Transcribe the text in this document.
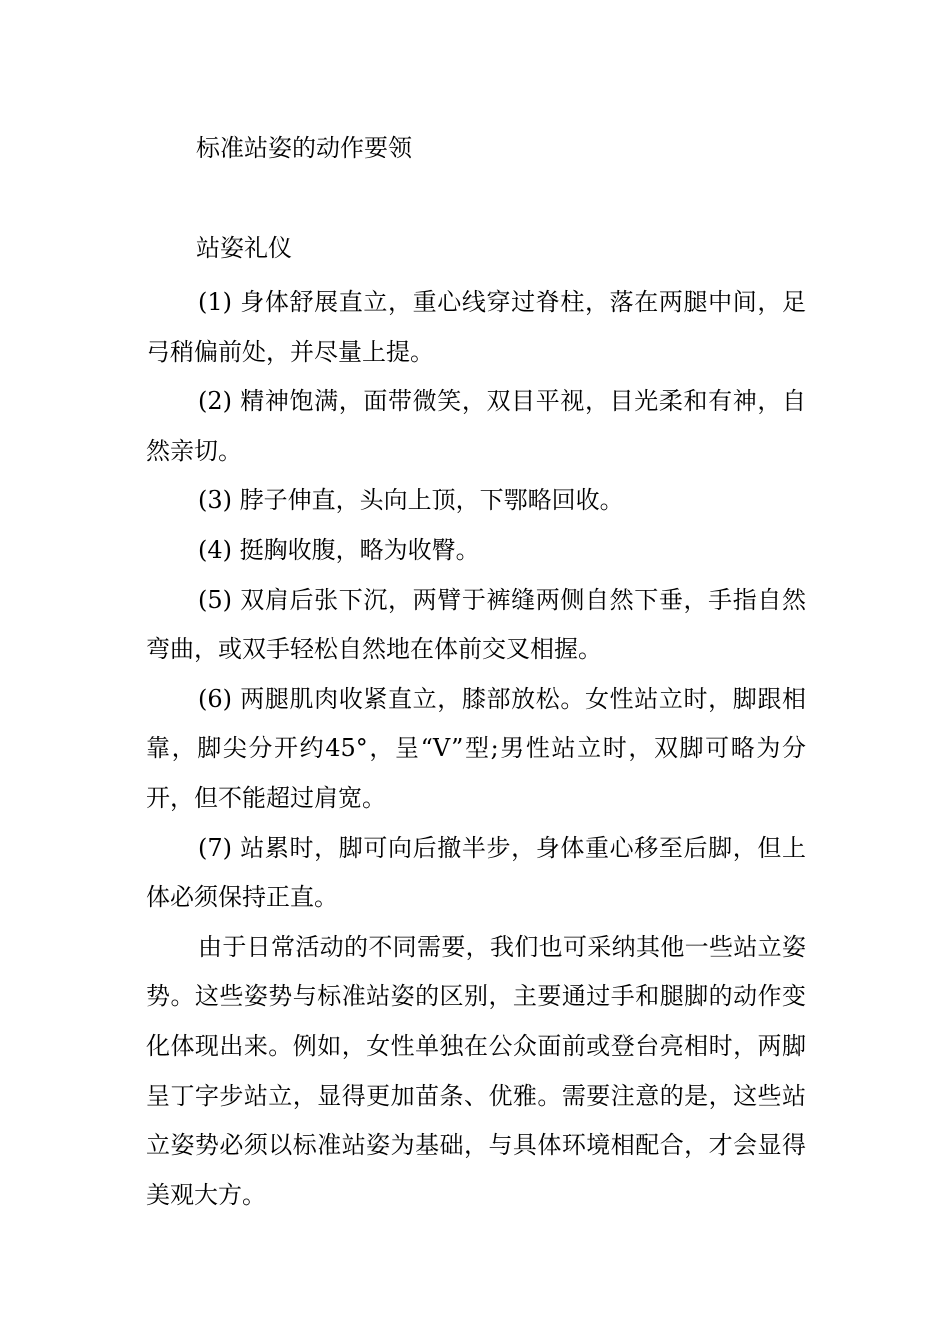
标准站姿的动作要领
站姿礼仪

(1) 身体舒展直立，重心线穿过脊柱，落在两腿中间，足弓稍偏前处，并尽量上提。

(2) 精神饱满，面带微笑，双目平视，目光柔和有神，自然亲切。

(3) 脖子伸直，头向上顶，下鄂略回收。

(4) 挺胸收腹，略为收臀。

(5) 双肩后张下沉，两臂于裤缝两侧自然下垂，手指自然弯曲，或双手轻松自然地在体前交叉相握。

(6) 两腿肌肉收紧直立，膝部放松。女性站立时，脚跟相靠，脚尖分开约45°，呈“V”型;男性站立时，双脚可略为分开，但不能超过肩宽。

(7) 站累时，脚可向后撤半步，身体重心移至后脚，但上体必须保持正直。

由于日常活动的不同需要，我们也可采纳其他一些站立姿势。这些姿势与标准站姿的区别，主要通过手和腿脚的动作变化体现出来。例如，女性单独在公众面前或登台亮相时，两脚呈丁字步站立，显得更加苗条、优雅。需要注意的是，这些站立姿势必须以标准站姿为基础，与具体环境相配合，才会显得美观大方。
